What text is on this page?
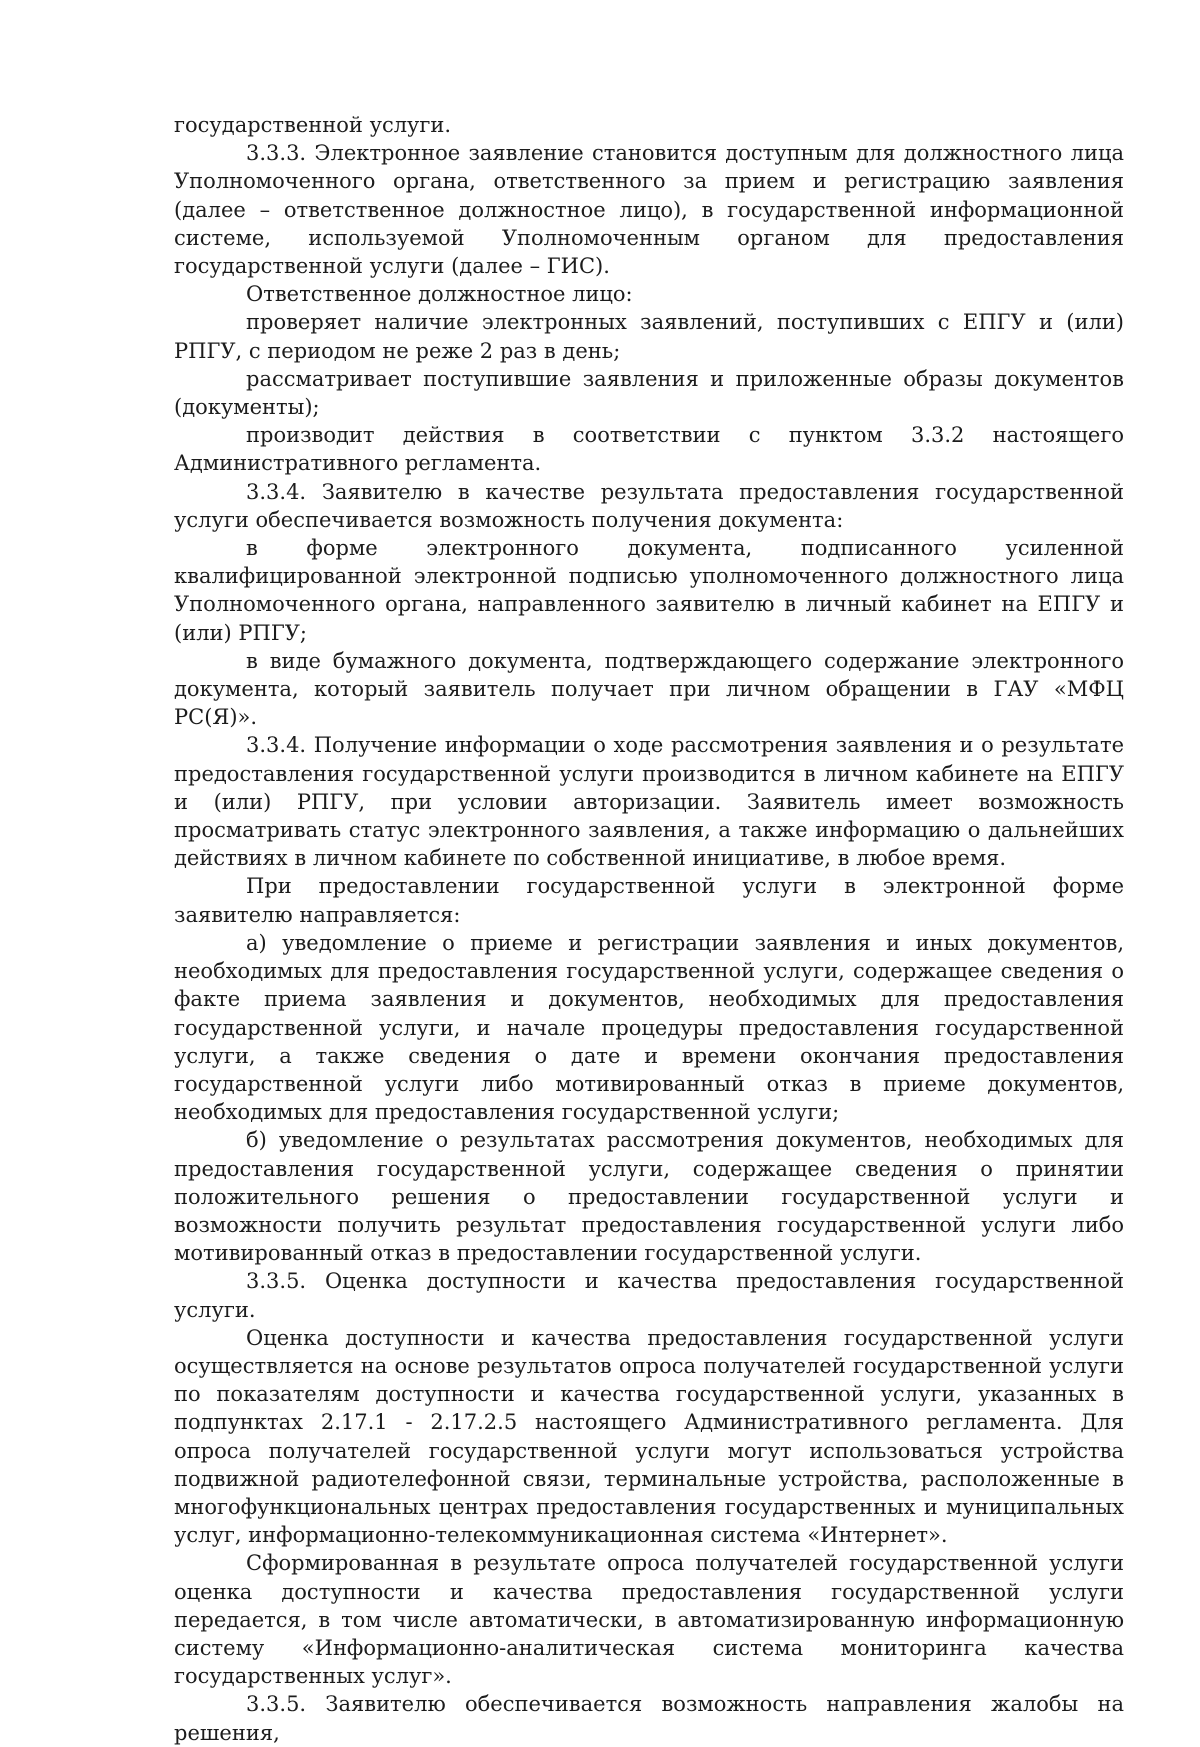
государственной услуги.

3.3.3. Электронное заявление становится доступным для должностного лица Уполномоченного органа, ответственного за прием и регистрацию заявления (далее – ответственное должностное лицо), в государственной информационной системе, используемой Уполномоченным органом для предоставления государственной услуги (далее – ГИС).

Ответственное должностное лицо:

проверяет наличие электронных заявлений, поступивших с ЕПГУ и (или) РПГУ, с периодом не реже 2 раз в день;

рассматривает поступившие заявления и приложенные образы документов (документы);

производит действия в соответствии с пунктом 3.3.2 настоящего Административного регламента.

3.3.4. Заявителю в качестве результата предоставления государственной услуги обеспечивается возможность получения документа:

в форме электронного документа, подписанного усиленной квалифицированной электронной подписью уполномоченного должностного лица Уполномоченного органа, направленного заявителю в личный кабинет на ЕПГУ и (или) РПГУ;

в виде бумажного документа, подтверждающего содержание электронного документа, который заявитель получает при личном обращении в ГАУ «МФЦ РС(Я)».

3.3.4. Получение информации о ходе рассмотрения заявления и о результате предоставления государственной услуги производится в личном кабинете на ЕПГУ и (или) РПГУ, при условии авторизации. Заявитель имеет возможность просматривать статус электронного заявления, а также информацию о дальнейших действиях в личном кабинете по собственной инициативе, в любое время.

При предоставлении государственной услуги в электронной форме заявителю направляется:

а) уведомление о приеме и регистрации заявления и иных документов, необходимых для предоставления государственной услуги, содержащее сведения о факте приема заявления и документов, необходимых для предоставления государственной услуги, и начале процедуры предоставления государственной услуги, а также сведения о дате и времени окончания предоставления государственной услуги либо мотивированный отказ в приеме документов, необходимых для предоставления государственной услуги;

б) уведомление о результатах рассмотрения документов, необходимых для предоставления государственной услуги, содержащее сведения о принятии положительного решения о предоставлении государственной услуги и возможности получить результат предоставления государственной услуги либо мотивированный отказ в предоставлении государственной услуги.

3.3.5. Оценка доступности и качества предоставления государственной услуги.

Оценка доступности и качества предоставления государственной услуги осуществляется на основе результатов опроса получателей государственной услуги по показателям доступности и качества государственной услуги, указанных в подпунктах 2.17.1 - 2.17.2.5 настоящего Административного регламента. Для опроса получателей государственной услуги могут использоваться устройства подвижной радиотелефонной связи, терминальные устройства, расположенные в многофункциональных центрах предоставления государственных и муниципальных услуг, информационно-телекоммуникационная система «Интернет».

Сформированная в результате опроса получателей государственной услуги оценка доступности и качества предоставления государственной услуги передается, в том числе автоматически, в автоматизированную информационную систему «Информационно-аналитическая система мониторинга качества государственных услуг».

3.3.5. Заявителю обеспечивается возможность направления жалобы на решения,
